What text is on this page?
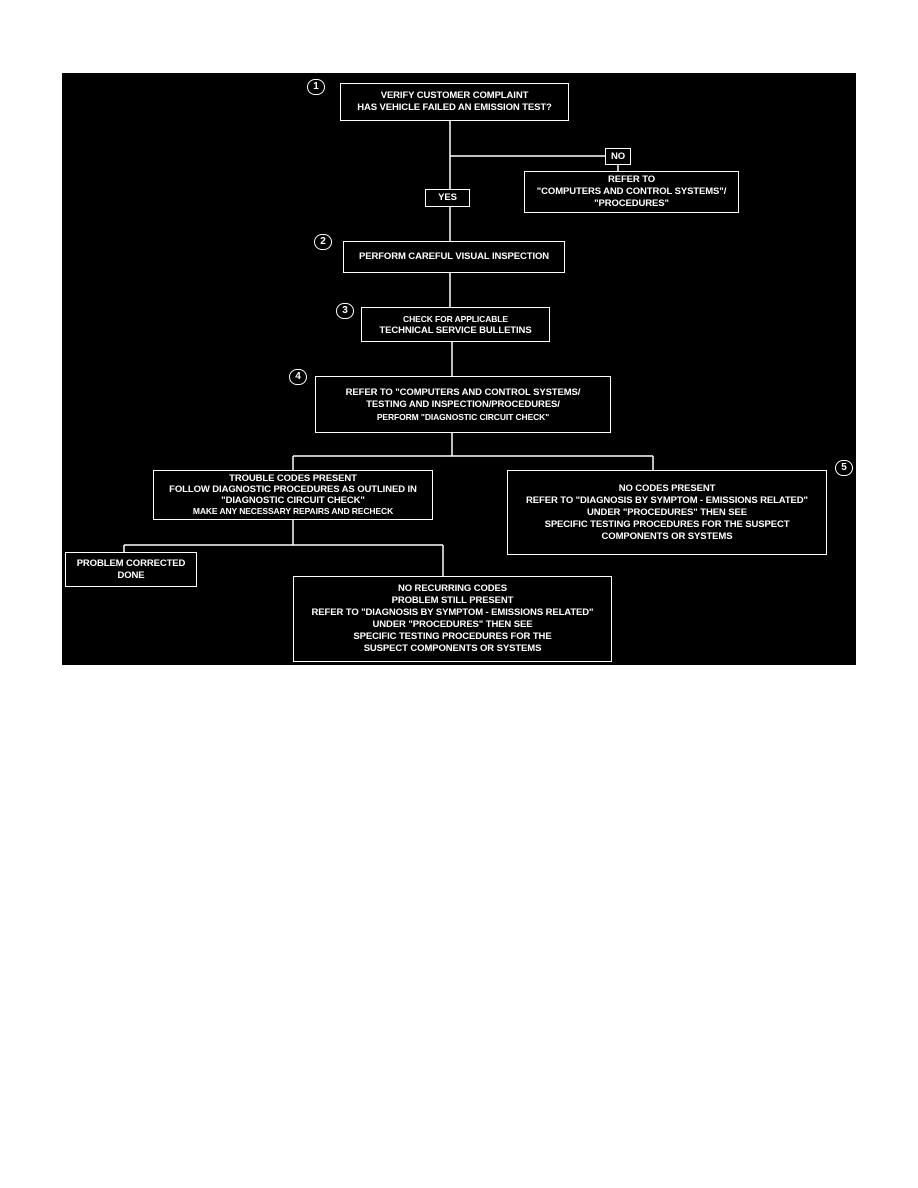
1
2
3
4
5
VERIFY CUSTOMER COMPLAINT
HAS VEHICLE FAILED AN EMISSION TEST?
NO
REFER TO
"COMPUTERS AND CONTROL SYSTEMS"/
"PROCEDURES"
YES
PERFORM CAREFUL VISUAL INSPECTION
CHECK FOR APPLICABLE
TECHNICAL SERVICE BULLETINS
REFER TO "COMPUTERS AND CONTROL SYSTEMS/
TESTING AND INSPECTION/PROCEDURES/
PERFORM "DIAGNOSTIC CIRCUIT CHECK"
TROUBLE CODES PRESENT
FOLLOW DIAGNOSTIC PROCEDURES AS OUTLINED IN
"DIAGNOSTIC CIRCUIT CHECK"
MAKE ANY NECESSARY REPAIRS AND RECHECK
NO CODES PRESENT
REFER TO "DIAGNOSIS BY SYMPTOM - EMISSIONS RELATED"
UNDER "PROCEDURES" THEN SEE
SPECIFIC TESTING PROCEDURES FOR THE SUSPECT
COMPONENTS OR SYSTEMS
PROBLEM CORRECTED
DONE
NO RECURRING CODES
PROBLEM STILL PRESENT
REFER TO "DIAGNOSIS BY SYMPTOM - EMISSIONS RELATED"
UNDER "PROCEDURES" THEN SEE
SPECIFIC TESTING PROCEDURES FOR THE
SUSPECT COMPONENTS OR SYSTEMS
